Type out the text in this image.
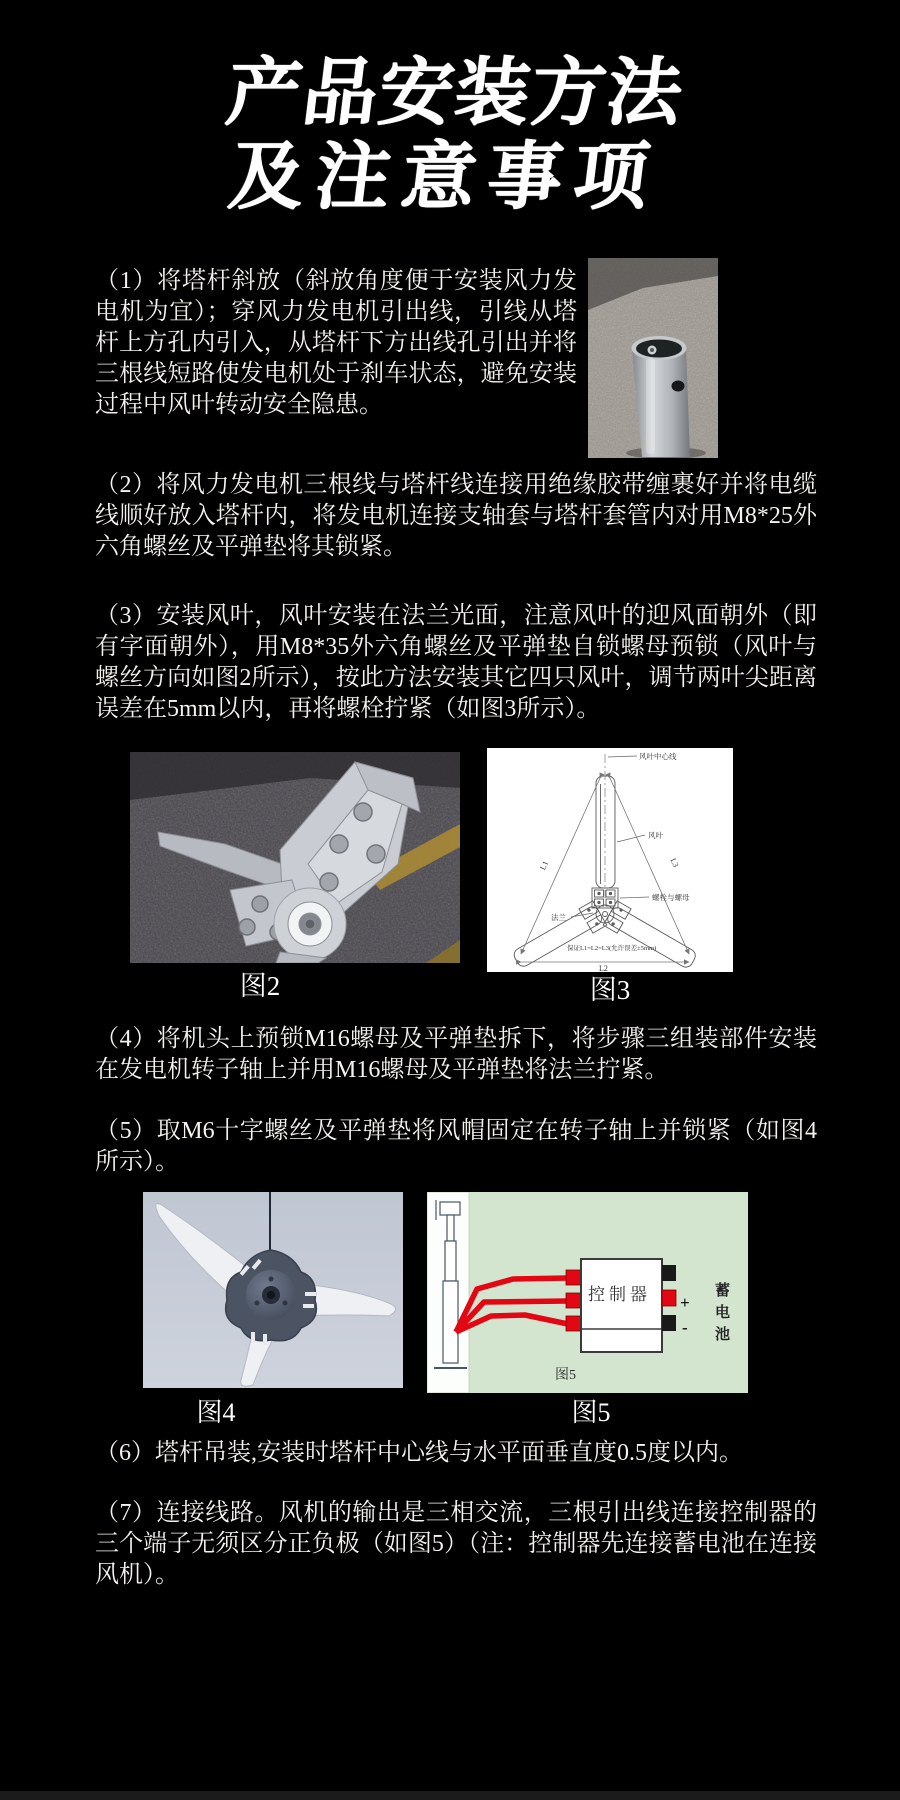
产品安装方法
及注意事项
（1）将塔杆斜放（斜放角度便于安装风力发电机为宜）；穿风力发电机引出线，引线从塔杆上方孔内引入，从塔杆下方出线孔引出并将三根线短路使发电机处于刹车状态，避免安装过程中风叶转动安全隐患。
（2）将风力发电机三根线与塔杆线连接用绝缘胶带缠裹好并将电缆线顺好放入塔杆内，将发电机连接支轴套与塔杆套管内对用M8*25外六角螺丝及平弹垫将其锁紧。
（3）安装风叶，风叶安装在法兰光面，注意风叶的迎风面朝外（即有字面朝外），用M8*35外六角螺丝及平弹垫自锁螺母预锁（风叶与螺丝方向如图2所示），按此方法安装其它四只风叶，调节两叶尖距离误差在5mm以内，再将螺栓拧紧（如图3所示）。
图2
风叶中心线
风叶
螺栓与螺母
法兰
保证L1=L2=L3(允许误差±5mm)
L1	L3
L2
图3
（4）将机头上预锁M16螺母及平弹垫拆下，将步骤三组装部件安装在发电机转子轴上并用M16螺母及平弹垫将法兰拧紧。
（5）取M6十字螺丝及平弹垫将风帽固定在转子轴上并锁紧（如图4所示）。
图4
控制器 +
- 蓄电池
图5
图5
（6）塔杆吊装,安装时塔杆中心线与水平面垂直度0.5度以内。
（7）连接线路。风机的输出是三相交流，三根引出线连接控制器的三个端子无须区分正负极（如图5）（注：控制器先连接蓄电池在连接风机）。
